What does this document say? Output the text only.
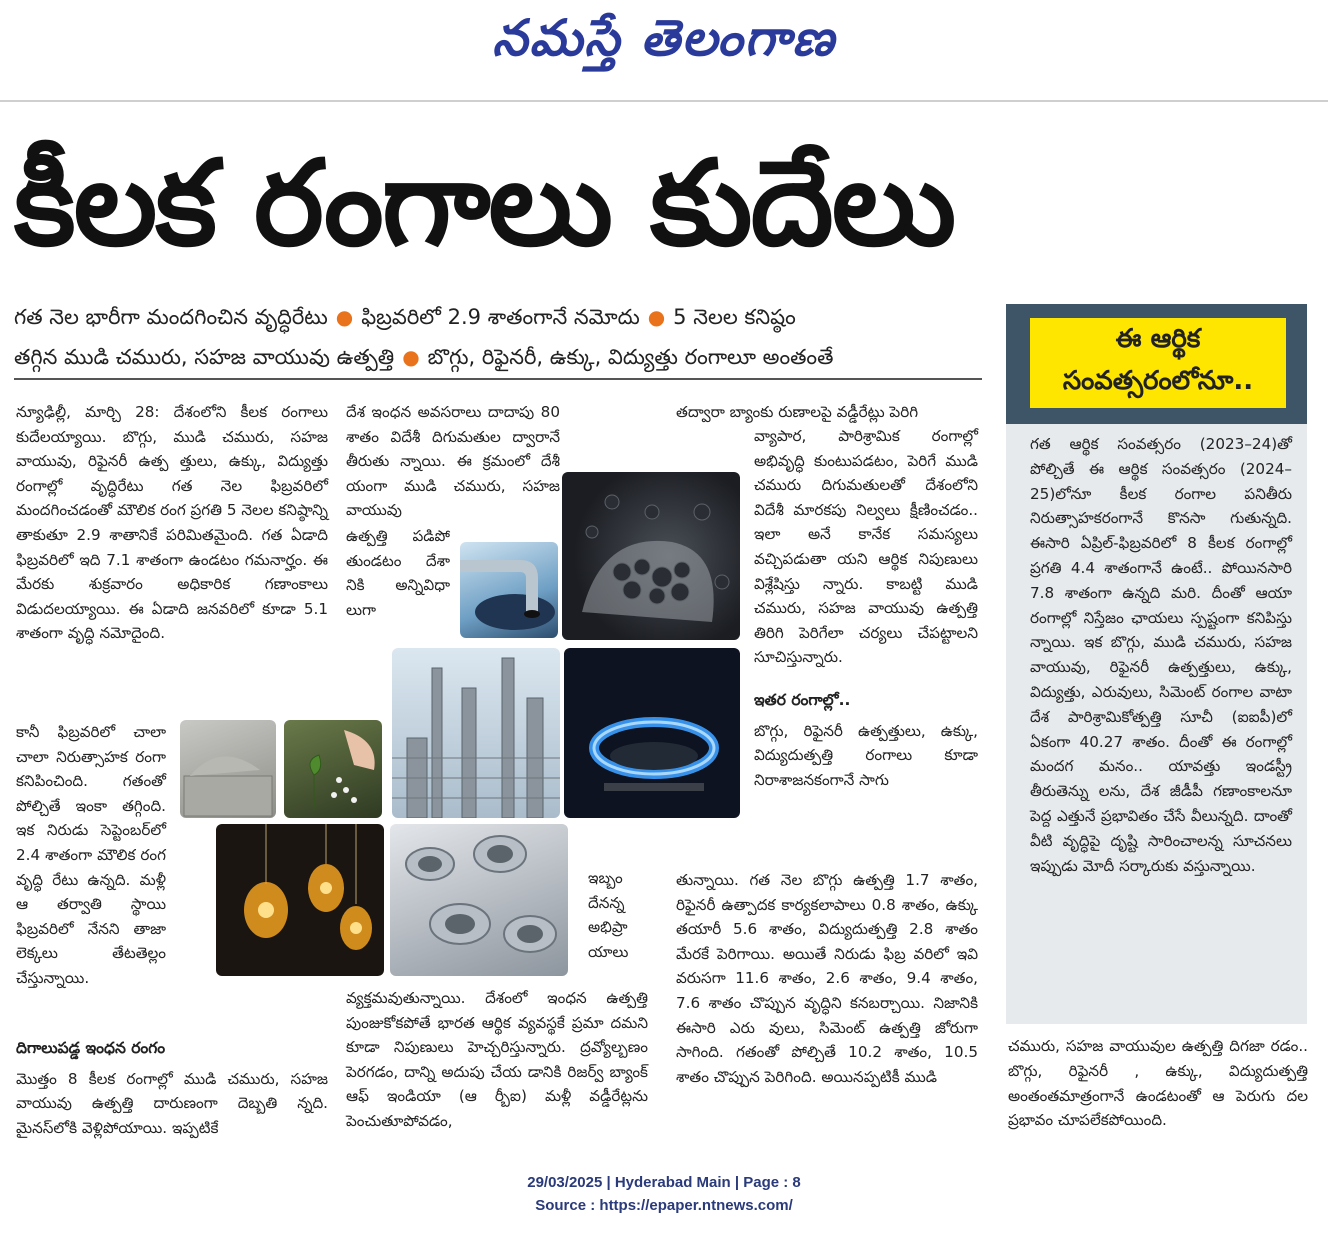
నమస్తే తెలంగాణ
కీలక రంగాలు కుదేలు
గత నెల భారీగా మందగించిన వృద్ధిరేటు ● ఫిబ్రవరిలో 2.9 శాతంగానే నమోదు ● 5 నెలల కనిష్ఠం
తగ్గిన ముడి చమురు, సహజ వాయువు ఉత్పత్తి ● బొగ్గు, రిఫైనరీ, ఉక్కు, విద్యుత్తు రంగాలూ అంతంతే

న్యూఢిల్లీ, మార్చి 28: దేశంలోని కీలక రంగాలు కుదేలయ్యాయి. బొగ్గు, ముడి చమురు, సహజ వాయువు, రిఫైనరీ ఉత్ప త్తులు, ఉక్కు, విద్యుత్తు రంగాల్లో వృద్ధిరేటు గత నెల ఫిబ్రవరిలో మందగించడంతో మౌలిక రంగ ప్రగతి 5 నెలల కనిష్ఠాన్ని తాకుతూ 2.9 శాతానికే పరిమితమైంది. గత ఏడాది ఫిబ్రవరిలో ఇది 7.1 శాతంగా ఉండటం గమనార్హం. ఈ మేరకు శుక్రవారం అధికారిక గణాంకాలు విడుదలయ్యాయి. ఈ ఏడాది జనవరిలో కూడా 5.1 శాతంగా వృద్ధి నమోదైంది.

కానీ ఫిబ్రవరిలో చాలా చాలా నిరుత్సాహక రంగా కనిపించింది. గతంతో పోల్చితే ఇంకా తగ్గింది. ఇక నిరుడు సెప్టెంబర్‌లో 2.4 శాతంగా మౌలిక రంగ వృద్ధి రేటు ఉన్నది. మళ్లీ ఆ తర్వాతి స్థాయి ఫిబ్రవరిలో నేనని తాజా లెక్కలు తేటతెల్లం చేస్తున్నాయి.

దిగాలుపడ్డ ఇంధన రంగం

మొత్తం 8 కీలక రంగాల్లో ముడి చమురు, సహజ వాయువు ఉత్పత్తి దారుణంగా దెబ్బతి న్నది. మైనస్‌లోకి వెళ్లిపోయాయి. ఇప్పటికే

దేశ ఇంధన అవసరాలు దాదాపు 80 శాతం విదేశీ దిగుమతుల ద్వారానే తీరుతు న్నాయి. ఈ క్రమంలో దేశీ యంగా ముడి చమురు, సహజ వాయువు

ఉత్పత్తి పడిపో తుండటం దేశా నికి అన్నివిధా లుగా

ఇబ్బం దేనన్న అభిప్రా యాలు

వ్యక్తమవుతున్నాయి. దేశంలో ఇంధన ఉత్పత్తి పుంజుకోకపోతే భారత ఆర్థిక వ్యవస్థకే ప్రమా దమని కూడా నిపుణులు హెచ్చరిస్తున్నారు. ద్రవ్యోల్బణం పెరగడం, దాన్ని అదుపు చేయ డానికి రిజర్వ్ బ్యాంక్ ఆఫ్ ఇండియా (ఆ ర్బీఐ) మళ్లీ వడ్డీరేట్లను పెంచుతూపోవడం,

తద్వారా బ్యాంకు రుణాలపై వడ్డీరేట్లు పెరిగి

వ్యాపార, పారిశ్రామిక రంగాల్లో అభివృద్ధి కుంటుపడటం, పెరిగే ముడి చమురు దిగుమతులతో దేశంలోని విదేశీ మారకపు నిల్వలు క్షీణించడం.. ఇలా అనే కానేక సమస్యలు వచ్చిపడుతా యని ఆర్థిక నిపుణులు విశ్లేషిస్తు న్నారు. కాబట్టి ముడి చమురు, సహజ వాయువు ఉత్పత్తి తిరిగి పెరిగేలా చర్యలు చేపట్టాలని సూచిస్తున్నారు.

ఇతర రంగాల్లో..

బొగ్గు, రిఫైనరీ ఉత్పత్తులు, ఉక్కు, విద్యుదుత్పత్తి రంగాలు కూడా నిరాశాజనకంగానే సాగు

తున్నాయి. గత నెల బొగ్గు ఉత్పత్తి 1.7 శాతం, రిఫైనరీ ఉత్పాదక కార్యకలాపాలు 0.8 శాతం, ఉక్కు తయారీ 5.6 శాతం, విద్యుదుత్పత్తి 2.8 శాతం మేరకే పెరిగాయి. అయితే నిరుడు ఫిబ్ర వరిలో ఇవి వరుసగా 11.6 శాతం, 2.6 శాతం, 9.4 శాతం, 7.6 శాతం చొప్పున వృద్ధిని కనబర్చాయి. నిజానికి ఈసారి ఎరు వులు, సిమెంట్ ఉత్పత్తి జోరుగా సాగింది. గతంతో పోల్చితే 10.2 శాతం, 10.5 శాతం చొప్పున పెరిగింది. అయినప్పటికీ ముడి

ఈ ఆర్థిక
సంవత్సరంలోనూ..
గత ఆర్థిక సంవత్సరం (2023–24)తో పోల్చితే ఈ ఆర్థిక సంవత్సరం (2024–25)లోనూ కీలక రంగాల పనితీరు నిరుత్సాహకరంగానే కొనసా గుతున్నది. ఈసారి ఏప్రిల్-ఫిబ్రవరిలో 8 కీలక రంగాల్లో ప్రగతి 4.4 శాతంగానే ఉంటే.. పోయినసారి 7.8 శాతంగా ఉన్నది మరి. దీంతో ఆయా రంగాల్లో నిస్తేజం ఛాయలు స్పష్టంగా కనిపిస్తు న్నాయి. ఇక బొగ్గు, ముడి చమురు, సహజ వాయువు, రిఫైనరీ ఉత్పత్తులు, ఉక్కు, విద్యుత్తు, ఎరువులు, సిమెంట్ రంగాల వాటా దేశ పారిశ్రామికోత్పత్తి సూచీ (ఐఐపీ)లో ఏకంగా 40.27 శాతం. దీంతో ఈ రంగాల్లో మందగ మనం.. యావత్తు ఇండస్ట్రీ తీరుతెన్ను లను, దేశ జీడీపీ గణాంకాలనూ పెద్ద ఎత్తునే ప్రభావితం చేసే వీలున్నది. దాంతో వీటి వృద్ధిపై దృష్టి సారించాలన్న సూచనలు ఇప్పుడు మోదీ సర్కారుకు వస్తున్నాయి.
చమురు, సహజ వాయువుల ఉత్పత్తి దిగజా రడం.. బొగ్గు, రిఫైనరీ , ఉక్కు, విద్యుదుత్పత్తి అంతంతమాత్రంగానే ఉండటంతో ఆ పెరుగు దల ప్రభావం చూపలేకపోయింది.
29/03/2025 | Hyderabad Main | Page : 8
Source : https://epaper.ntnews.com/
